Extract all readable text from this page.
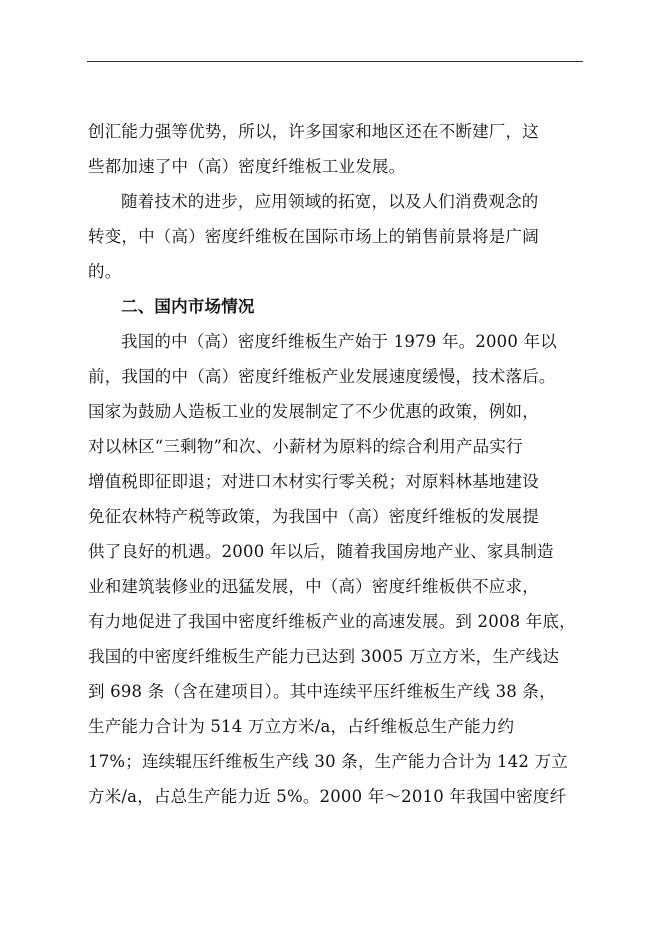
创汇能力强等优势，所以，许多国家和地区还在不断建厂，这
些都加速了中（高）密度纤维板工业发展。
随着技术的进步，应用领域的拓宽，以及人们消费观念的
转变，中（高）密度纤维板在国际市场上的销售前景将是广阔
的。
二、国内市场情况
我国的中（高）密度纤维板生产始于 1979 年。2000 年以
前，我国的中（高）密度纤维板产业发展速度缓慢，技术落后。
国家为鼓励人造板工业的发展制定了不少优惠的政策，例如，
对以林区“三剩物”和次、小薪材为原料的综合利用产品实行
增值税即征即退；对进口木材实行零关税；对原料林基地建设
免征农林特产税等政策，为我国中（高）密度纤维板的发展提
供了良好的机遇。2000 年以后，随着我国房地产业、家具制造
业和建筑装修业的迅猛发展，中（高）密度纤维板供不应求，
有力地促进了我国中密度纤维板产业的高速发展。到 2008 年底，
我国的中密度纤维板生产能力已达到 3005 万立方米，生产线达
到 698 条（含在建项目）。其中连续平压纤维板生产线 38 条，
生产能力合计为 514 万立方米/a，占纤维板总生产能力约
17%；连续辊压纤维板生产线 30 条，生产能力合计为 142 万立
方米/a，占总生产能力近 5%。2000 年～2010 年我国中密度纤
